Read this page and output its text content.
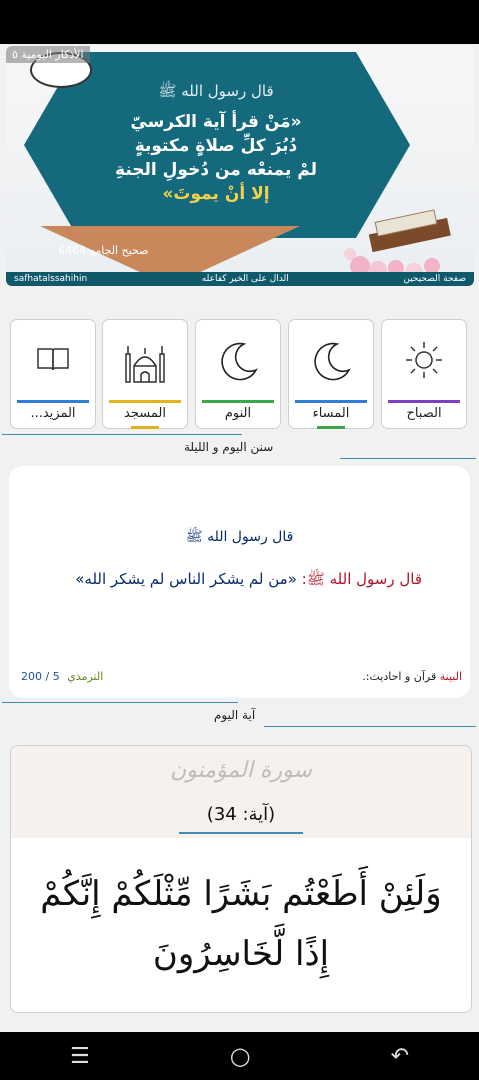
الأذكار اليومية ٥
قال رسول الله ﷺ
«مَنْ قرأ آية الكرسيّ
دُبُرَ كلِّ صلاةٍ مكتوبةٍ
لمْ يمنعْه من دُخولِ الجنةِ
إلا أنْ يموتَ»
صحيح الجامع 6464
safhatalssahihin	الدال على الخير كفاعله	صفحة الصحيحين
الصباح
المساء
النوم
المسجد
المزيد...
سنن اليوم و الليلة
قال رسول الله ﷺ
قال رسول الله ﷺ: «من لم يشكر الناس لم يشكر الله»
الترمذي 5 / 200	البينة قرآن و احاديث:.
آية اليوم
سورة المؤمنون
(آية: 34)
وَلَئِنْ أَطَعْتُم بَشَرًا مِّثْلَكُمْ إِنَّكُمْ إِذًا لَّخَاسِرُونَ
☰	○	↶
